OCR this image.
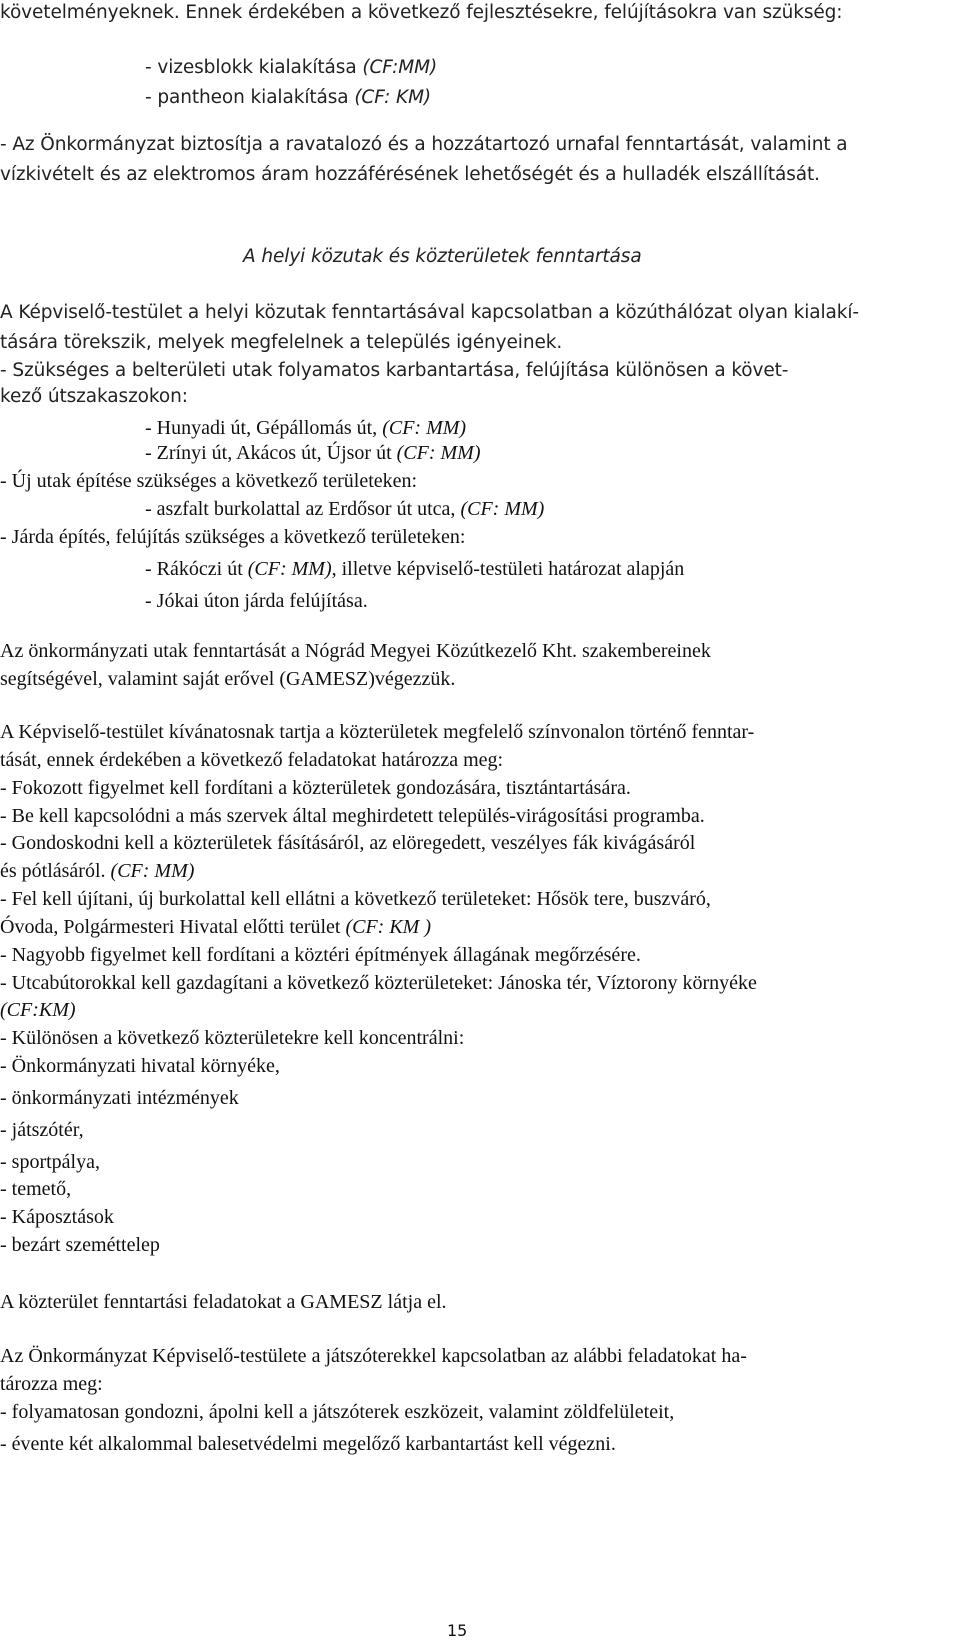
követelményeknek. Ennek érdekében a következő fejlesztésekre, felújításokra van szükség:
- vizesblokk kialakítása (CF:MM)
- pantheon kialakítása (CF: KM)
- Az Önkormányzat biztosítja a ravatalozó és a hozzátartozó urnafal fenntartását, valamint a
vízkivételt és az elektromos áram hozzáférésének lehetőségét és a hulladék elszállítását.
A helyi közutak és közterületek fenntartása
A Képviselő-testület a helyi közutak fenntartásával kapcsolatban a közúthálózat olyan kialakí-
tására törekszik, melyek megfelelnek a település igényeinek.
- Szükséges a belterületi utak folyamatos karbantartása, felújítása különösen a követ-
kező útszakaszokon:
- Hunyadi út, Gépállomás út, (CF: MM)
- Zrínyi út, Akácos út, Újsor út (CF: MM)
- Új utak építése szükséges a következő területeken:
- aszfalt burkolattal az Erdősor út utca, (CF: MM)
- Járda építés, felújítás szükséges a következő területeken:
- Rákóczi út (CF: MM), illetve képviselő-testületi határozat alapján
- Jókai úton járda felújítása.
Az önkormányzati utak fenntartását a Nógrád Megyei Közútkezelő Kht. szakembereinek
segítségével, valamint saját erővel (GAMESZ)végezzük.
A Képviselő-testület kívánatosnak tartja a közterületek megfelelő színvonalon történő fenntar-
tását, ennek érdekében a következő feladatokat határozza meg:
- Fokozott figyelmet kell fordítani a közterületek gondozására, tisztántartására.
- Be kell kapcsolódni a más szervek által meghirdetett település-virágosítási programba.
- Gondoskodni kell a közterületek fásításáról, az elöregedett, veszélyes fák kivágásáról
és pótlásáról. (CF: MM)
- Fel kell újítani, új burkolattal kell ellátni a következő területeket: Hősök tere, buszváró,
Óvoda, Polgármesteri Hivatal előtti terület (CF: KM )
- Nagyobb figyelmet kell fordítani a köztéri építmények állagának megőrzésére.
- Utcabútorokkal kell gazdagítani a következő közterületeket: Jánoska tér, Víztorony környéke
(CF:KM)
- Különösen a következő közterületekre kell koncentrálni:
- Önkormányzati hivatal környéke,
- önkormányzati intézmények
- játszótér,
- sportpálya,
- temető,
- Káposztások
- bezárt szeméttelep
A közterület fenntartási feladatokat a GAMESZ látja el.
Az Önkormányzat Képviselő-testülete a játszóterekkel kapcsolatban az alábbi feladatokat ha-
tározza meg:
- folyamatosan gondozni, ápolni kell a játszóterek eszközeit, valamint zöldfelületeit,
- évente két alkalommal balesetvédelmi megelőző karbantartást kell végezni.
15
